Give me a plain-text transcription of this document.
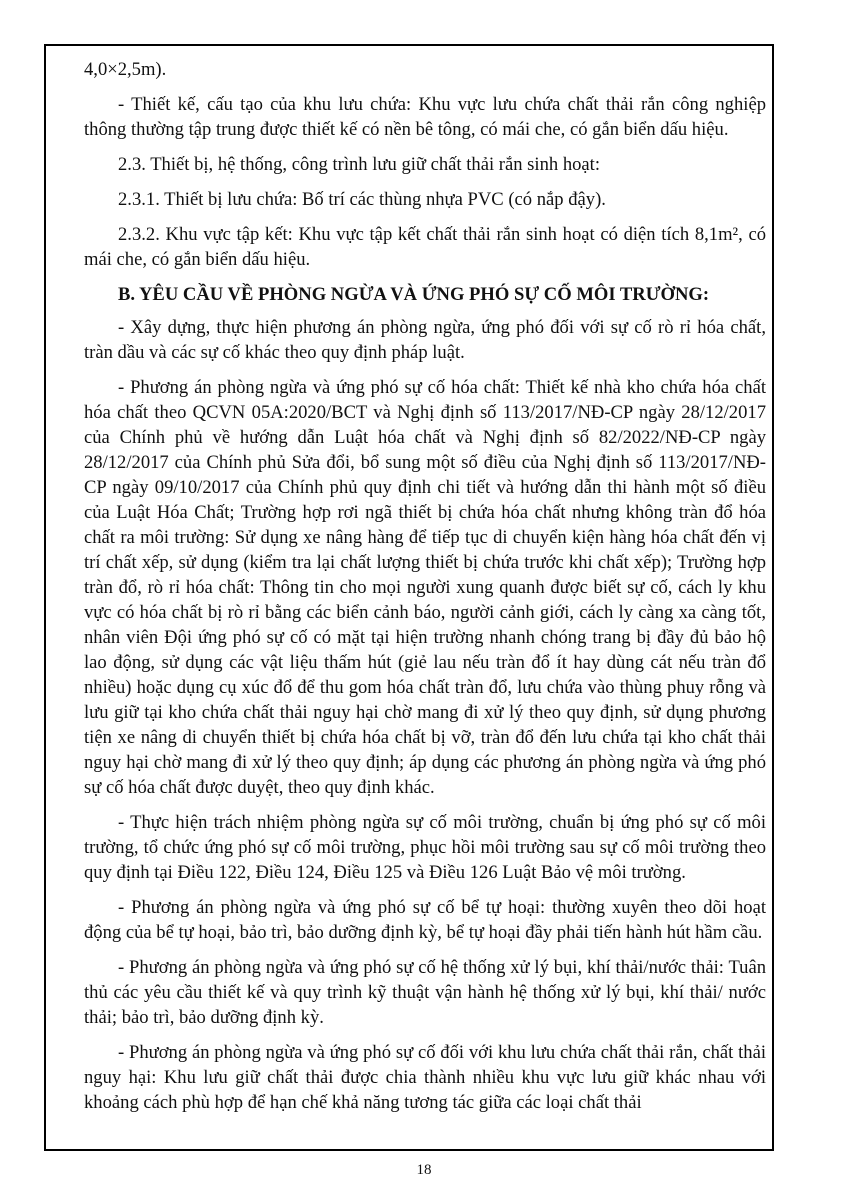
4,0×2,5m).

- Thiết kế, cấu tạo của khu lưu chứa: Khu vực lưu chứa chất thải rắn công nghiệp thông thường tập trung được thiết kế có nền bê tông, có mái che, có gắn biển dấu hiệu.

2.3. Thiết bị, hệ thống, công trình lưu giữ chất thải rắn sinh hoạt:

2.3.1. Thiết bị lưu chứa: Bố trí các thùng nhựa PVC (có nắp đậy).

2.3.2. Khu vực tập kết: Khu vực tập kết chất thải rắn sinh hoạt có diện tích 8,1m², có mái che, có gắn biển dấu hiệu.

B. YÊU CẦU VỀ PHÒNG NGỪA VÀ ỨNG PHÓ SỰ CỐ MÔI TRƯỜNG:

- Xây dựng, thực hiện phương án phòng ngừa, ứng phó đối với sự cố rò rỉ hóa chất, tràn dầu và các sự cố khác theo quy định pháp luật.

- Phương án phòng ngừa và ứng phó sự cố hóa chất: Thiết kế nhà kho chứa hóa chất hóa chất theo QCVN 05A:2020/BCT và Nghị định số 113/2017/NĐ-CP ngày 28/12/2017 của Chính phủ về hướng dẫn Luật hóa chất và Nghị định số 82/2022/NĐ-CP ngày 28/12/2017 của Chính phủ Sửa đổi, bổ sung một số điều của Nghị định số 113/2017/NĐ-CP ngày 09/10/2017 của Chính phủ quy định chi tiết và hướng dẫn thi hành một số điều của Luật Hóa Chất; Trường hợp rơi ngã thiết bị chứa hóa chất nhưng không tràn đổ hóa chất ra môi trường: Sử dụng xe nâng hàng để tiếp tục di chuyển kiện hàng hóa chất đến vị trí chất xếp, sử dụng (kiểm tra lại chất lượng thiết bị chứa trước khi chất xếp); Trường hợp tràn đổ, rò rỉ hóa chất: Thông tin cho mọi người xung quanh được biết sự cố, cách ly khu vực có hóa chất bị rò rỉ bằng các biển cảnh báo, người cảnh giới, cách ly càng xa càng tốt, nhân viên Đội ứng phó sự cố có mặt tại hiện trường nhanh chóng trang bị đầy đủ bảo hộ lao động, sử dụng các vật liệu thấm hút (giẻ lau nếu tràn đổ ít hay dùng cát nếu tràn đổ nhiều) hoặc dụng cụ xúc đổ để thu gom hóa chất tràn đổ, lưu chứa vào thùng phuy rỗng và lưu giữ tại kho chứa chất thải nguy hại chờ mang đi xử lý theo quy định, sử dụng phương tiện xe nâng di chuyển thiết bị chứa hóa chất bị vỡ, tràn đổ đến lưu chứa tại kho chất thải nguy hại chờ mang đi xử lý theo quy định; áp dụng các phương án phòng ngừa và ứng phó sự cố hóa chất được duyệt, theo quy định khác.

- Thực hiện trách nhiệm phòng ngừa sự cố môi trường, chuẩn bị ứng phó sự cố môi trường, tổ chức ứng phó sự cố môi trường, phục hồi môi trường sau sự cố môi trường theo quy định tại Điều 122, Điều 124, Điều 125 và Điều 126 Luật Bảo vệ môi trường.

- Phương án phòng ngừa và ứng phó sự cố bể tự hoại: thường xuyên theo dõi hoạt động của bể tự hoại, bảo trì, bảo dưỡng định kỳ, bể tự hoại đầy phải tiến hành hút hầm cầu.

- Phương án phòng ngừa và ứng phó sự cố hệ thống xử lý bụi, khí thải/nước thải: Tuân thủ các yêu cầu thiết kế và quy trình kỹ thuật vận hành hệ thống xử lý bụi, khí thải/ nước thải; bảo trì, bảo dưỡng định kỳ.

- Phương án phòng ngừa và ứng phó sự cố đối với khu lưu chứa chất thải rắn, chất thải nguy hại: Khu lưu giữ chất thải được chia thành nhiều khu vực lưu giữ khác nhau với khoảng cách phù hợp để hạn chế khả năng tương tác giữa các loại chất thải

18
